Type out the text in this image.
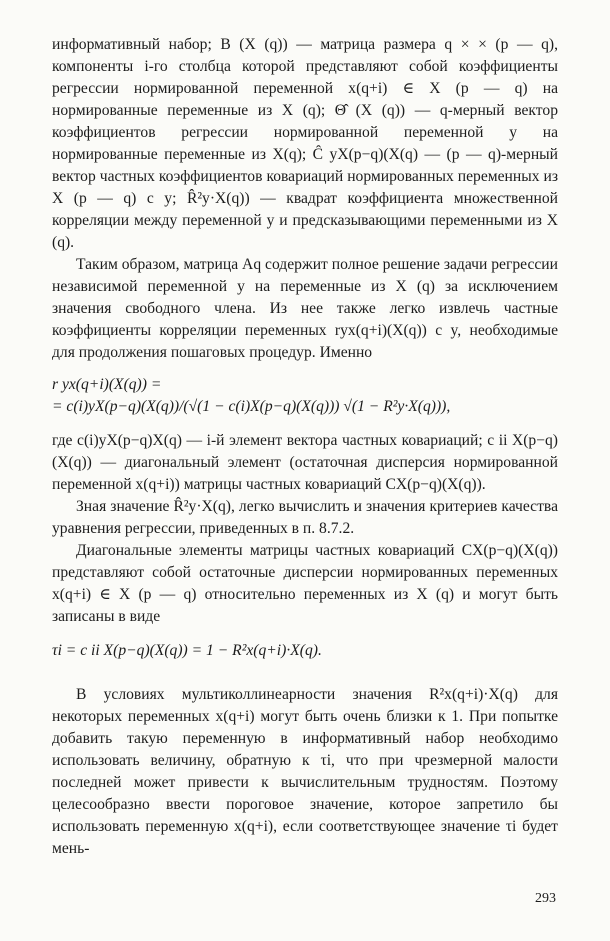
информативный набор; B (X (q)) — матрица размера q × × (p — q), компоненты i-го столбца которой представляют собой коэффициенты регрессии нормированной переменной x(q+i) ∈ X (p — q) на нормированные переменные из X (q); Θ̂ (X (q)) — q-мерный вектор коэффициентов регрессии нормированной переменной y на нормированные переменные из X(q); Ĉ yX(p−q)(X(q) — (p — q)-мерный вектор частных коэффициентов ковариаций нормированных переменных из X (p — q) с y; R̂²y·X(q)) — квадрат коэффициента множественной корреляции между переменной y и предсказывающими переменными из X (q).

Таким образом, матрица Aq содержит полное решение задачи регрессии независимой переменной y на переменные из X (q) за исключением значения свободного члена. Из нее также легко извлечь частные коэффициенты корреляции переменных ryx(q+i)(X(q)) с y, необходимые для продолжения пошаговых процедур. Именно

r yx(q+i)(X(q)) =
= c(i)yX(p−q)(X(q))/(√(1 − c(i)X(p−q)(X(q))) √(1 − R²y·X(q))),

где c(i)yX(p−q)X(q) — i-й элемент вектора частных ковариаций; c ii X(p−q)(X(q)) — диагональный элемент (остаточная дисперсия нормированной переменной x(q+i)) матрицы частных ковариаций CX(p−q)(X(q)).

Зная значение R̂²y·X(q), легко вычислить и значения критериев качества уравнения регрессии, приведенных в п. 8.7.2.

Диагональные элементы матрицы частных ковариаций CX(p−q)(X(q)) представляют собой остаточные дисперсии нормированных переменных x(q+i) ∈ X (p — q) относительно переменных из X (q) и могут быть записаны в виде

τi = c ii X(p−q)(X(q)) = 1 − R²x(q+i)·X(q).

В условиях мультиколлинеарности значения R²x(q+i)·X(q) для некоторых переменных x(q+i) могут быть очень близки к 1. При попытке добавить такую переменную в информативный набор необходимо использовать величину, обратную к τi, что при чрезмерной малости последней может привести к вычислительным трудностям. Поэтому целесообразно ввести пороговое значение, которое запретило бы использовать переменную x(q+i), если соответствующее значение τi будет мень-

293
